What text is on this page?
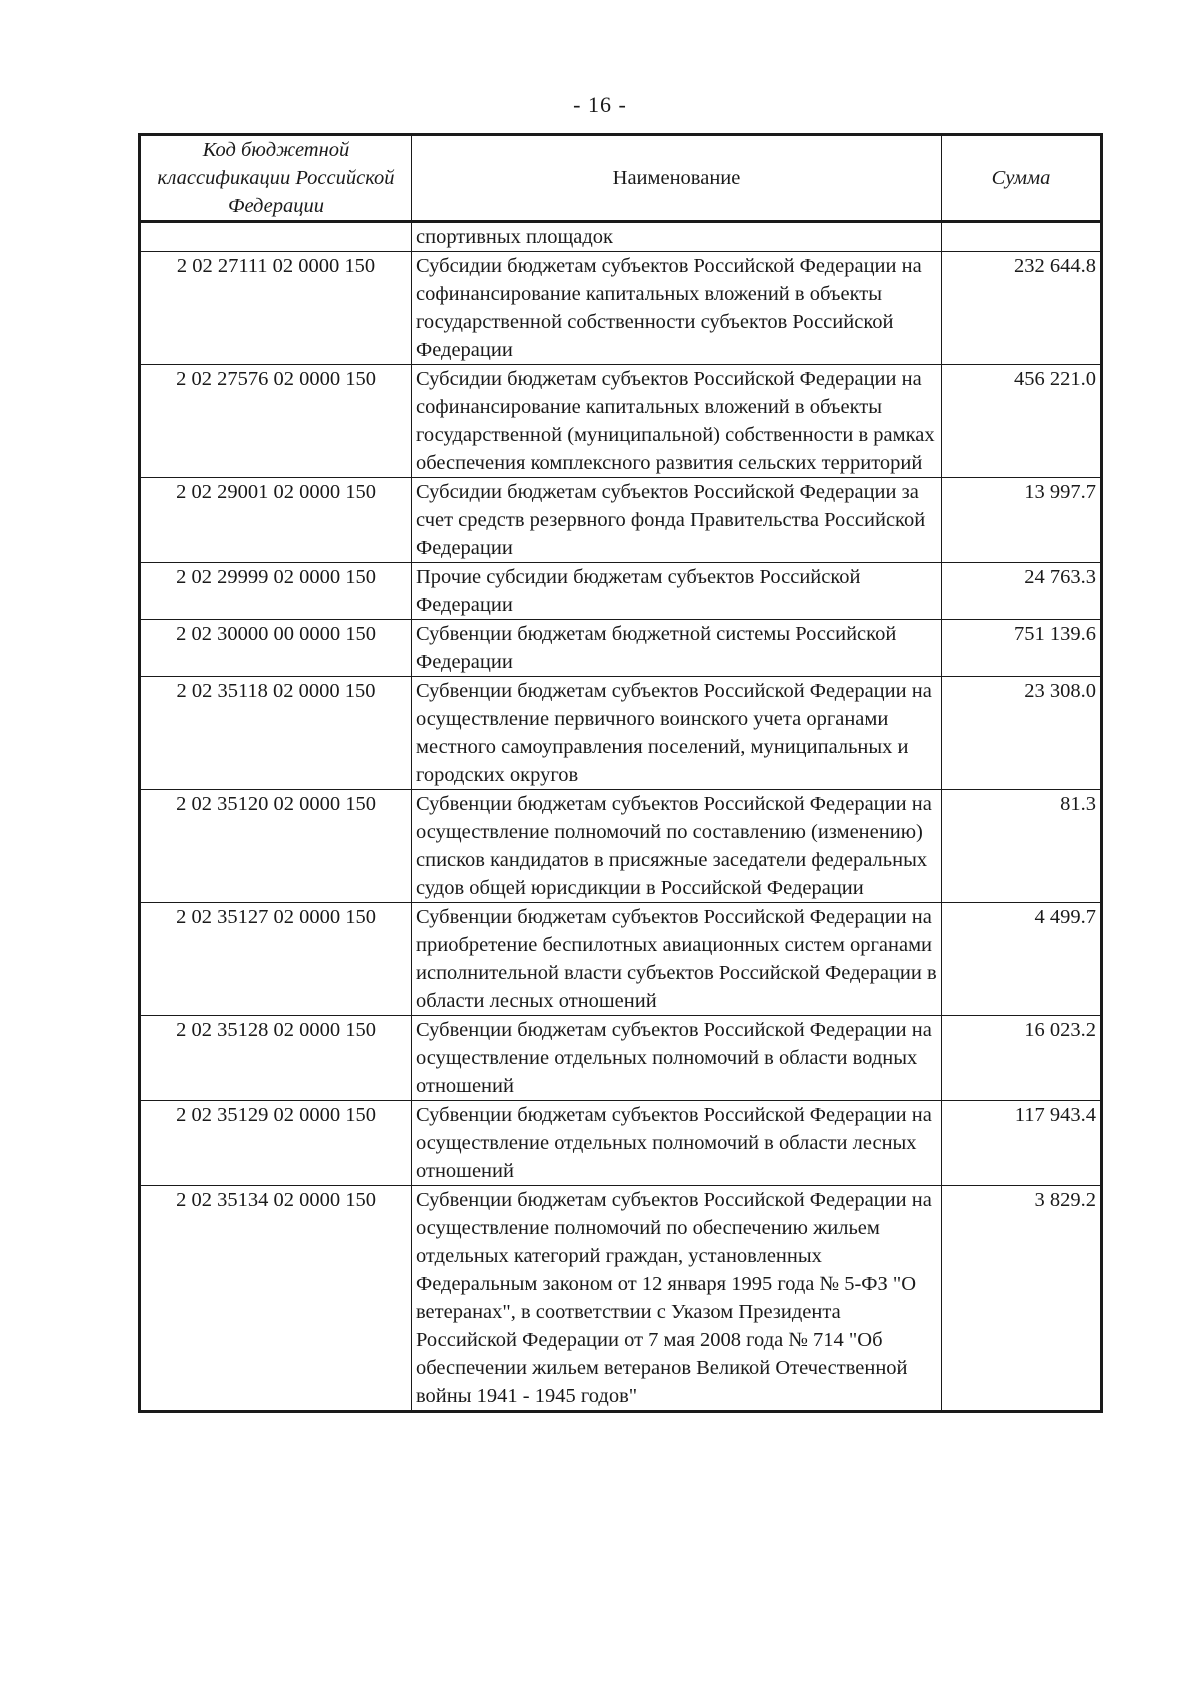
- 16 -
Код бюджетной классификации Российской Федерации	Наименование	Сумма
	спортивных площадок	
2 02 27111 02 0000 150	Субсидии бюджетам субъектов Российской Федерации на софинансирование капитальных вложений в объекты государственной собственности субъектов Российской Федерации	232 644.8
2 02 27576 02 0000 150	Субсидии бюджетам субъектов Российской Федерации на софинансирование капитальных вложений в объекты государственной (муниципальной) собственности в рамках обеспечения комплексного развития сельских территорий	456 221.0
2 02 29001 02 0000 150	Субсидии бюджетам субъектов Российской Федерации за счет средств резервного фонда Правительства Российской Федерации	13 997.7
2 02 29999 02 0000 150	Прочие субсидии бюджетам субъектов Российской Федерации	24 763.3
2 02 30000 00 0000 150	Субвенции бюджетам бюджетной системы Российской Федерации	751 139.6
2 02 35118 02 0000 150	Субвенции бюджетам субъектов Российской Федерации на осуществление первичного воинского учета органами местного самоуправления поселений, муниципальных и городских округов	23 308.0
2 02 35120 02 0000 150	Субвенции бюджетам субъектов Российской Федерации на осуществление полномочий по составлению (изменению) списков кандидатов в присяжные заседатели федеральных судов общей юрисдикции в Российской Федерации	81.3
2 02 35127 02 0000 150	Субвенции бюджетам субъектов Российской Федерации на приобретение беспилотных авиационных систем органами исполнительной власти субъектов Российской Федерации в области лесных отношений	4 499.7
2 02 35128 02 0000 150	Субвенции бюджетам субъектов Российской Федерации на осуществление отдельных полномочий в области водных отношений	16 023.2
2 02 35129 02 0000 150	Субвенции бюджетам субъектов Российской Федерации на осуществление отдельных полномочий в области лесных отношений	117 943.4
2 02 35134 02 0000 150	Субвенции бюджетам субъектов Российской Федерации на осуществление полномочий по обеспечению жильем отдельных категорий граждан, установленных Федеральным законом от 12 января 1995 года № 5-ФЗ "О ветеранах", в соответствии с Указом Президента Российской Федерации от 7 мая 2008 года № 714 "Об обеспечении жильем ветеранов Великой Отечественной войны 1941 - 1945 годов"	3 829.2
